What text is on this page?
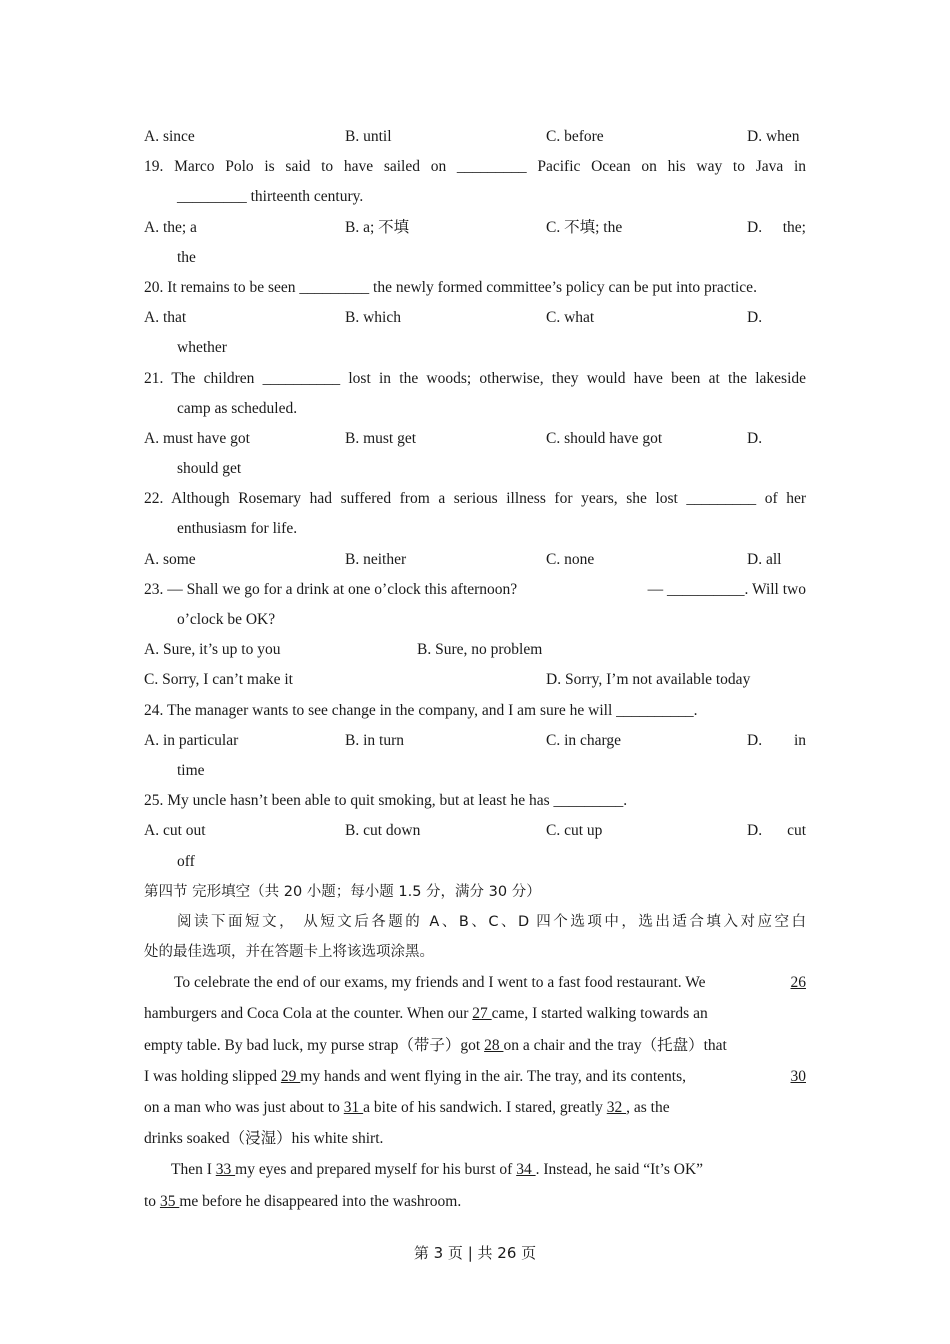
A. since	B. until	C. before	D. when
19. Marco Polo is said to have sailed on _________ Pacific Ocean on his way to Java in
_________ thirteenth century.
A. the; a	B. a; 不填	C. 不填; the	D. the;
the
20. It remains to be seen _________ the newly formed committee’s policy can be put into practice.
A. that	B. which	C. what	D.
whether
21. The children __________ lost in the woods; otherwise, they would have been at the lakeside
camp as scheduled.
A. must have got	B. must get	C. should have got	D.
should get
22. Although Rosemary had suffered from a serious illness for years, she lost _________ of her
enthusiasm for life.
A. some	B. neither	C. none	D. all
23. — Shall we go for a drink at one o’clock this afternoon?	— __________. Will two
o’clock be OK?
A. Sure, it’s up to you	B. Sure, no problem
C. Sorry, I can’t make it	D. Sorry, I’m not available today
24. The manager wants to see change in the company, and I am sure he will __________.
A. in particular	B. in turn	C. in charge	D. in
time
25. My uncle hasn’t been able to quit smoking, but at least he has _________.
A. cut out	B. cut down	C. cut up	D. cut
off
第四节 完形填空（共 20 小题；每小题 1.5 分，满分 30 分）
阅读下面短文， 从短文后各题的 A、B、C、D 四个选项中，选出适合填入对应空白
处的最佳选项，并在答题卡上将该选项涂黑。
To celebrate the end of our exams, my friends and I went to a fast food restaurant. We	26
hamburgers and Coca Cola at the counter. When our 27 came, I started walking towards an
empty table. By bad luck, my purse strap（带子）got 28 on a chair and the tray（托盘）that
I was holding slipped 29 my hands and went flying in the air. The tray, and its contents,	30
on a man who was just about to 31 a bite of his sandwich. I stared, greatly 32 , as the
drinks soaked（浸湿）his white shirt.
Then I 33 my eyes and prepared myself for his burst of 34 . Instead, he said “It’s OK”
to 35 me before he disappeared into the washroom.
第 3 页 | 共 26 页
